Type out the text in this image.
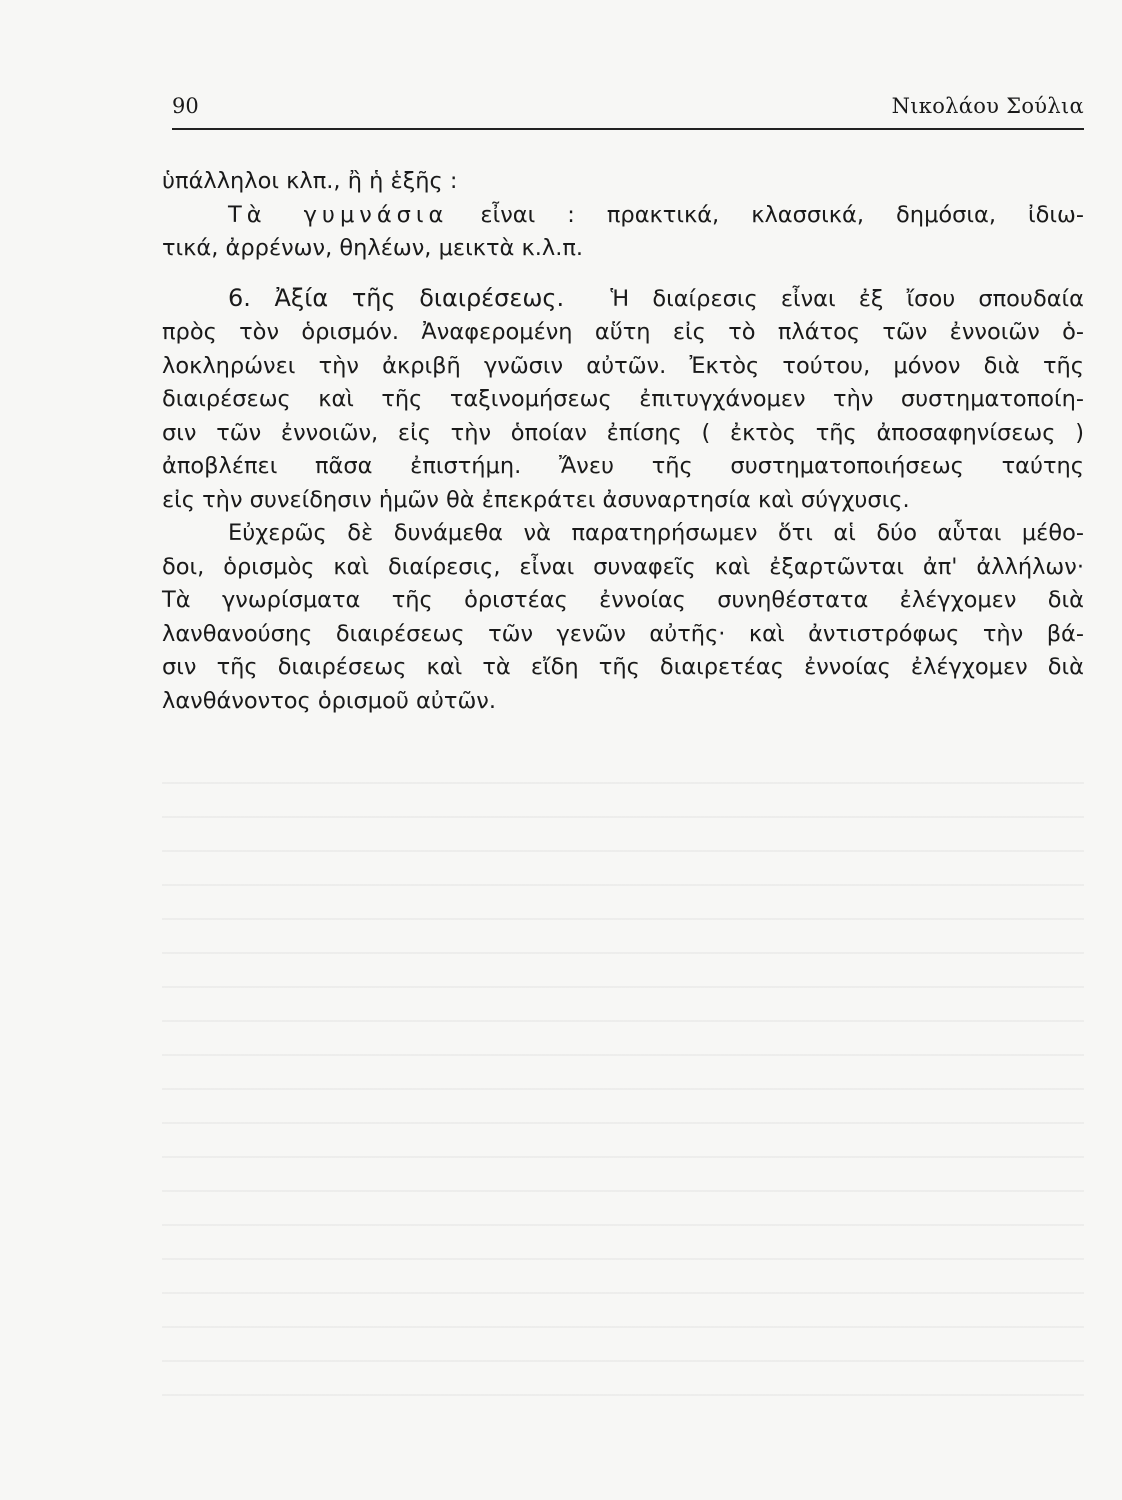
90	Νικολάου Σούλια
ὑπάλληλοι κλπ., ἢ ἡ ἑξῆς :
Τὰ γυμνάσια εἶναι : πρακτικά, κλασσικά, δημόσια, ἰδιω-
τικά, ἀρρένων, θηλέων, μεικτὰ κ.λ.π.
6. Ἀξία τῆς διαιρέσεως. Ἡ διαίρεσις εἶναι ἐξ ἴσου σπουδαία
πρὸς τὸν ὁρισμόν. Ἀναφερομένη αὕτη εἰς τὸ πλάτος τῶν ἐννοιῶν ὁ-
λοκληρώνει τὴν ἀκριβῆ γνῶσιν αὐτῶν. Ἐκτὸς τούτου, μόνον διὰ τῆς
διαιρέσεως καὶ τῆς ταξινομήσεως ἐπιτυγχάνομεν τὴν συστηματοποίη-
σιν τῶν ἐννοιῶν, εἰς τὴν ὁποίαν ἐπίσης ( ἐκτὸς τῆς ἀποσαφηνίσεως )
ἀποβλέπει πᾶσα ἐπιστήμη. Ἄνευ τῆς συστηματοποιήσεως ταύτης
εἰς τὴν συνείδησιν ἡμῶν θὰ ἐπεκράτει ἀσυναρτησία καὶ σύγχυσις.
Εὐχερῶς δὲ δυνάμεθα νὰ παρατηρήσωμεν ὅτι αἱ δύο αὗται μέθο-
δοι, ὁρισμὸς καὶ διαίρεσις, εἶναι συναφεῖς καὶ ἐξαρτῶνται ἀπ' ἀλλήλων·
Τὰ γνωρίσματα τῆς ὁριστέας ἐννοίας συνηθέστατα ἐλέγχομεν διὰ
λανθανούσης διαιρέσεως τῶν γενῶν αὐτῆς· καὶ ἀντιστρόφως τὴν βά-
σιν τῆς διαιρέσεως καὶ τὰ εἴδη τῆς διαιρετέας ἐννοίας ἐλέγχομεν διὰ
λανθάνοντος ὁρισμοῦ αὐτῶν.
